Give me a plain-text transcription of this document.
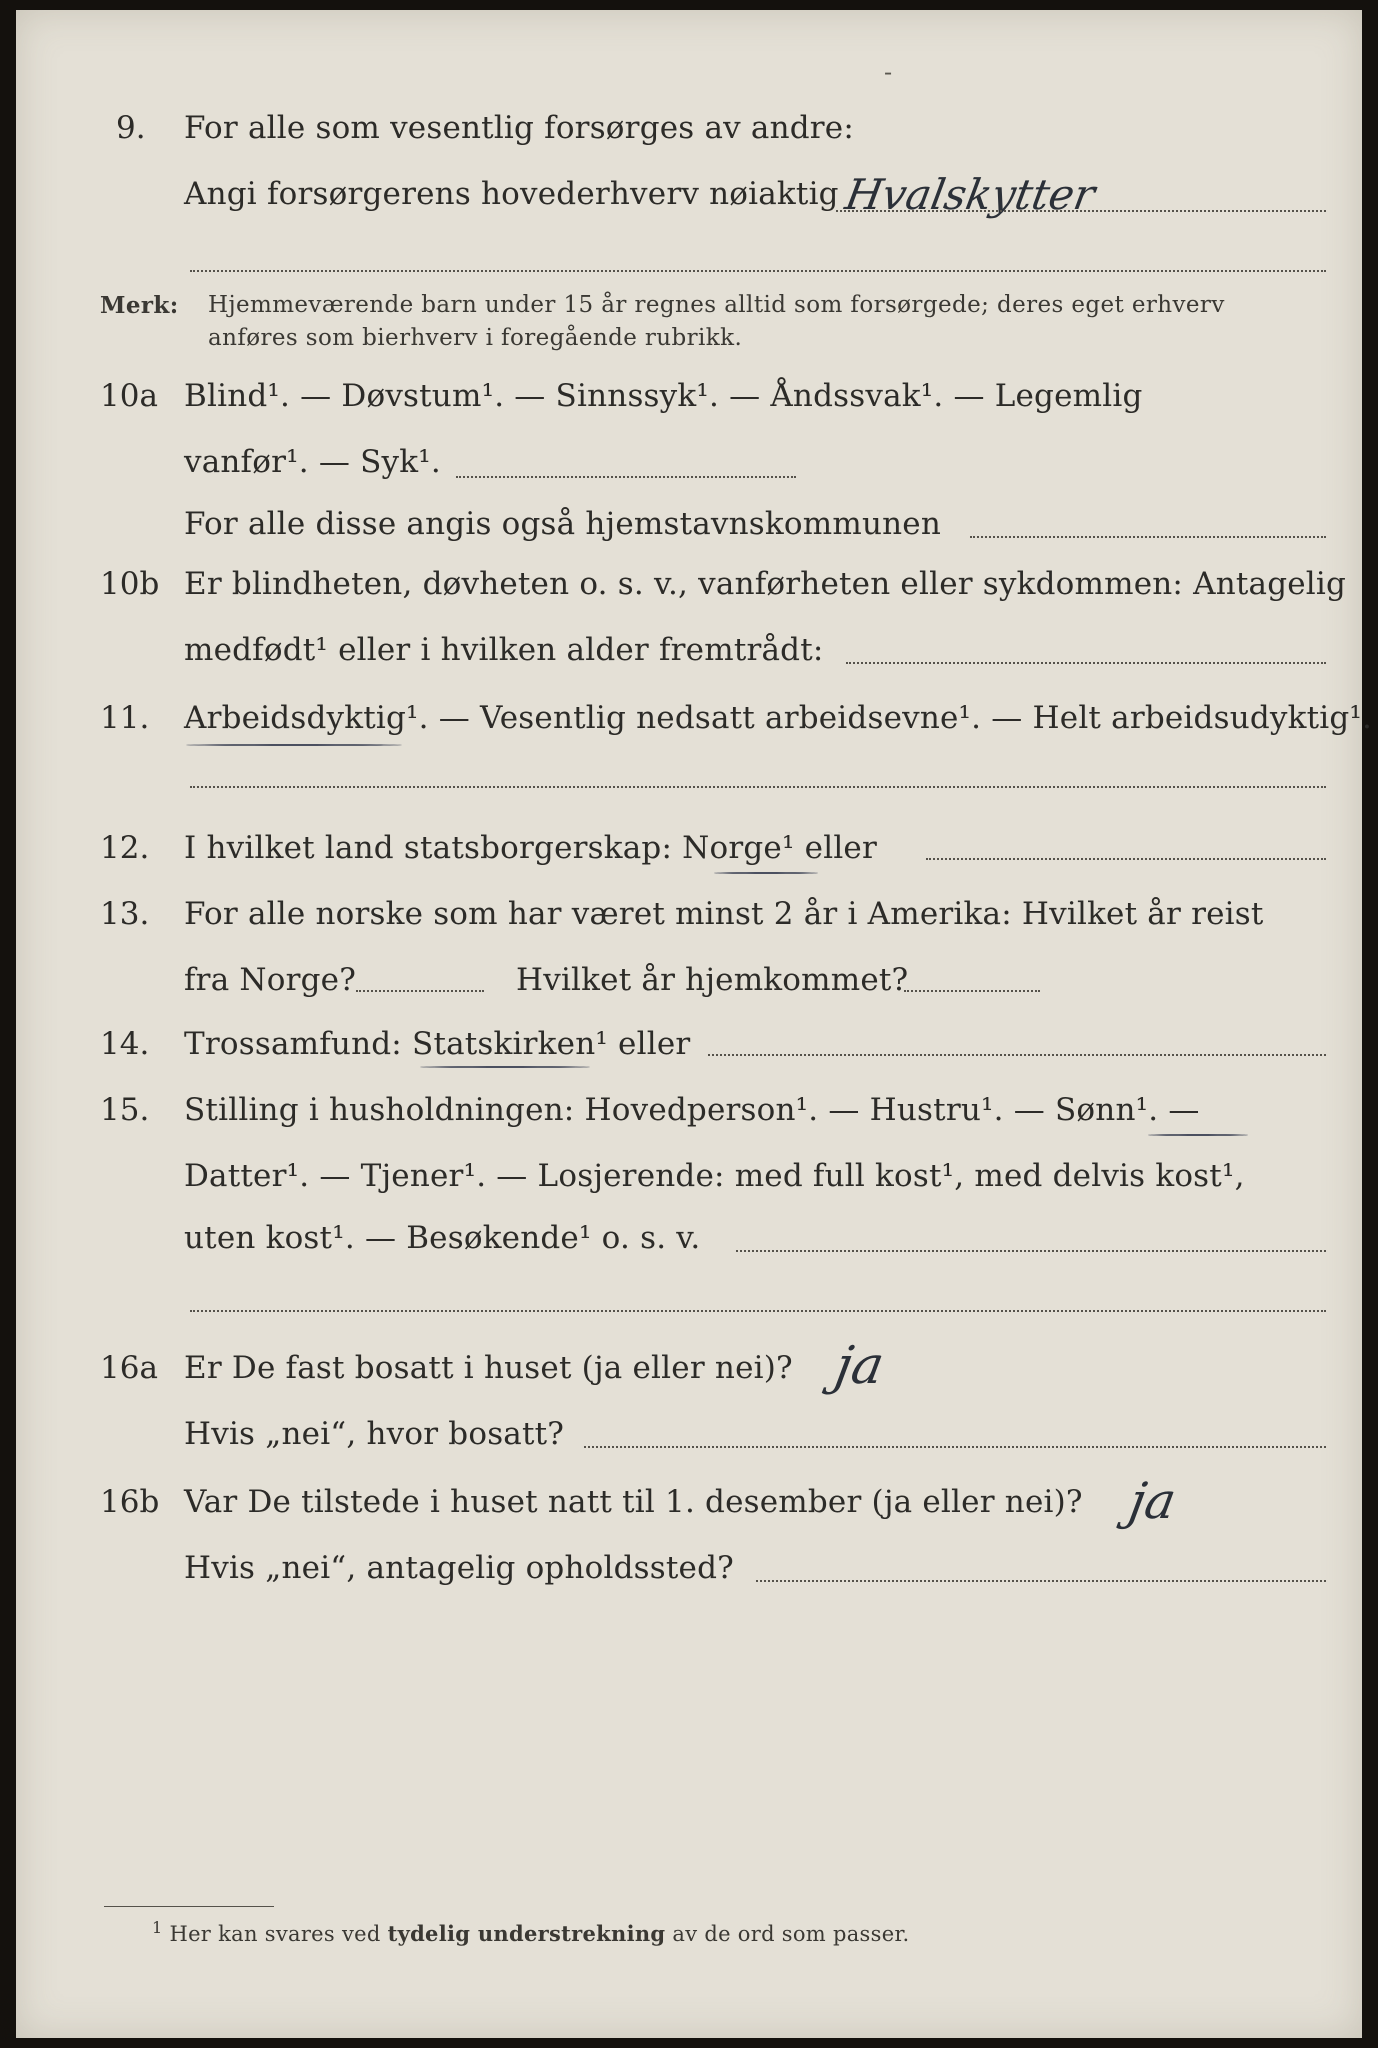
-
9. For alle som vesentlig forsørges av andre:
Angi forsørgerens hovederhverv nøiaktig Hvalskytter
Merk: Hjemmeværende barn under 15 år regnes alltid som forsørgede; deres eget erhverv
anføres som bierhverv i foregående rubrikk.
10a Blind¹. — Døvstum¹. — Sinnssyk¹. — Åndssvak¹. — Legemlig
vanfør¹. — Syk¹.
For alle disse angis også hjemstavnskommunen
10b Er blindheten, døvheten o. s. v., vanførheten eller sykdommen: Antagelig
medfødt¹ eller i hvilken alder fremtrådt:
11. Arbeidsdyktig¹. — Vesentlig nedsatt arbeidsevne¹. — Helt arbeidsudyktig¹.
12. I hvilket land statsborgerskap: Norge¹ eller
13. For alle norske som har været minst 2 år i Amerika: Hvilket år reist
fra Norge?	Hvilket år hjemkommet?
14. Trossamfund: Statskirken¹ eller
15. Stilling i husholdningen: Hovedperson¹. — Hustru¹. — Sønn¹. —
Datter¹. — Tjener¹. — Losjerende: med full kost¹, med delvis kost¹,
uten kost¹. — Besøkende¹ o. s. v.
16a Er De fast bosatt i huset (ja eller nei)? ja
Hvis „nei“, hvor bosatt?
16b Var De tilstede i huset natt til 1. desember (ja eller nei)? ja
Hvis „nei“, antagelig opholdssted?
$^1$ Her kan svares ved tydelig understrekning av de ord som passer.
